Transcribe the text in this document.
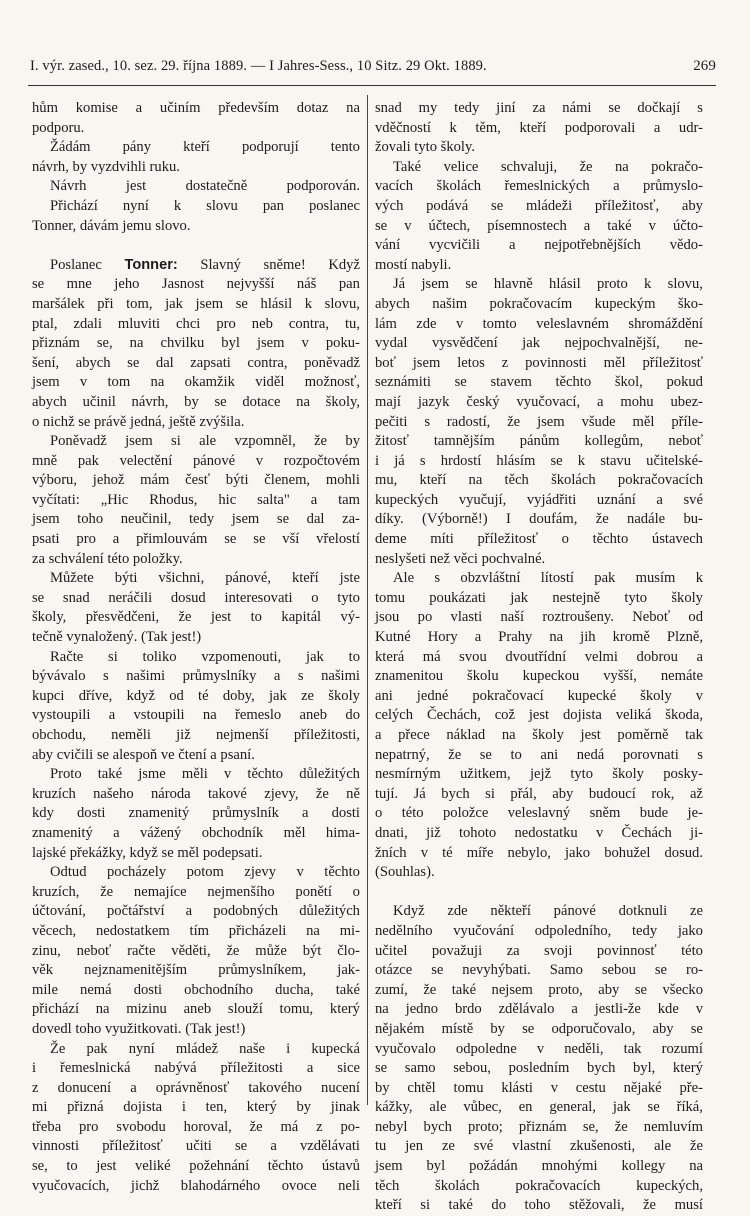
I. výr. zased., 10. sez. 29. října 1889. — I Jahres-Sess., 10 Sitz. 29 Okt. 1889.	269
hům komise a učiním především dotaz na
podporu.
Žádám pány kteří podporují tento
návrh, by vyzdvihli ruku.
Návrh	jest	dostatečně	podporován.
Přichází nyní k slovu pan poslanec
Tonner, dávám jemu slovo.
Poslanec Tonner: Slavný sněme! Když
se mne jeho Jasnost nejvyšší náš pan
maršálek při tom, jak jsem se hlásil k slovu,
ptal, zdali mluviti chci pro neb contra, tu,
přiznám se, na chvilku byl jsem v poku-
šení, abych se dal zapsati contra, poněvadž
jsem v tom na okamžik viděl možnosť,
abych učinil návrh, by se dotace na školy,
o nichž se právě jedná, ještě zvýšila.
Poněvadž jsem si ale vzpomněl, že by
mně pak velectění pánové v rozpočtovém
výboru, jehož mám česť býti členem, mohli
vyčítati: „Hic Rhodus, hic salta" a tam
jsem toho neučinil, tedy jsem se dal za-
psati pro a přimlouvám se se vší vřelostí
za schválení této položky.
Můžete býti všichni, pánové, kteří jste
se snad neráčili dosud interesovati o tyto
školy, přesvědčeni, že jest to kapitál vý-
tečně vynaložený. (Tak jest!)
Račte si toliko vzpomenouti, jak to
bývávalo s našimi průmyslníky a s našimi
kupci dříve, když od té doby, jak ze školy
vystoupili a vstoupili na řemeslo aneb do
obchodu, neměli již nejmenší příležitosti,
aby cvičili se alespoň ve čtení a psaní.
Proto také jsme měli v těchto důležitých
kruzích našeho národa takové zjevy, že ně
kdy dosti znamenitý průmyslník a dosti
znamenitý a vážený obchodník měl hima-
lajské překážky, když se měl podepsati.
Odtud pocházely potom zjevy v těchto
kruzích, že nemajíce nejmenšího ponětí o
účtování, počtářství a podobných důležitých
věcech, nedostatkem tím přicházeli na mi-
zinu, neboť račte věděti, že může být člo-
věk nejznamenitějším průmyslníkem, jak-
mile nemá dosti obchodního ducha, také
přichází na mizinu aneb slouží tomu, který
dovedl toho využitkovati. (Tak jest!)
Že pak nyní mládež naše i kupecká
i řemeslnická nabývá příležitosti a sice
z donucení a oprávněnosť takového nucení
mi přizná dojista i ten, který by jinak
třeba pro svobodu horoval, že má z po-
vinnosti příležitosť učiti se a vzdělávati
se, to jest veliké požehnání těchto ústavů
vyučovacích, jichž blahodárného ovoce neli
snad my tedy jiní za námi se dočkají s
vděčností k těm, kteří podporovali a udr-
žovali tyto školy.
Také velice schvaluji, že na pokračo-
vacích školách řemeslnických a průmyslo-
vých podává se mládeži příležitosť, aby
se v účtech, písemnostech a také v účto-
vání vycvičili a nejpotřebnějších vědo-
mostí nabyli.
Já jsem se hlavně hlásil proto k slovu,
abych našim pokračovacím kupeckým ško-
lám zde v tomto veleslavném shromáždění
vydal vysvědčení jak nejpochvalnější, ne-
boť jsem letos z povinnosti měl příležitosť
seznámiti se stavem těchto škol, pokud
mají jazyk český vyučovací, a mohu ubez-
pečiti s radostí, že jsem všude měl příle-
žitosť tamnějším pánům kollegům, neboť
i já s hrdostí hlásím se k stavu učitelské-
mu, kteří na těch školách pokračovacích
kupeckých vyučují, vyjádřiti uznání a své
díky. (Výborně!) I doufám, že nadále bu-
deme míti příležitosť o těchto ústavech
neslyšeti než věci pochvalné.
Ale s obzvláštní lítostí pak musím k
tomu poukázati jak nestejně tyto školy
jsou po vlasti naší roztroušeny. Neboť od
Kutné Hory a Prahy na jih kromě Plzně,
která má svou dvoutřídní velmi dobrou a
znamenitou školu kupeckou vyšší, nemáte
ani jedné pokračovací kupecké školy v
celých Čechách, což jest dojista veliká škoda,
a přece náklad na školy jest poměrně tak
nepatrný, že se to ani nedá porovnati s
nesmírným užitkem, jejž tyto školy posky-
tují. Já bych si přál, aby budoucí rok, až
o této položce veleslavný sněm bude je-
dnati, již tohoto nedostatku v Čechách ji-
žních v té míře nebylo, jako bohužel dosud.
(Souhlas).
Když zde někteří pánové dotknuli ze
nedělního vyučování odpoledního, tedy jako
učitel považuji za svoji povinnosť této
otázce se nevyhýbati. Samo sebou se ro-
zumí, že také nejsem proto, aby se všecko
na jedno brdo zdělávalo a jestli-že kde v
nějakém místě by se odporučovalo, aby se
vyučovalo odpoledne v neděli, tak rozumí
se samo sebou, posledním bych byl, který
by chtěl tomu klásti v cestu nějaké pře-
kážky, ale vůbec, en general, jak se říká,
nebyl bych proto; přiznám se, že nemluvím
tu jen ze své vlastní zkušenosti, ale že
jsem byl požádán mnohými kollegy na
těch školách pokračovacích kupeckých,
kteří si také do toho stěžovali, že musí
